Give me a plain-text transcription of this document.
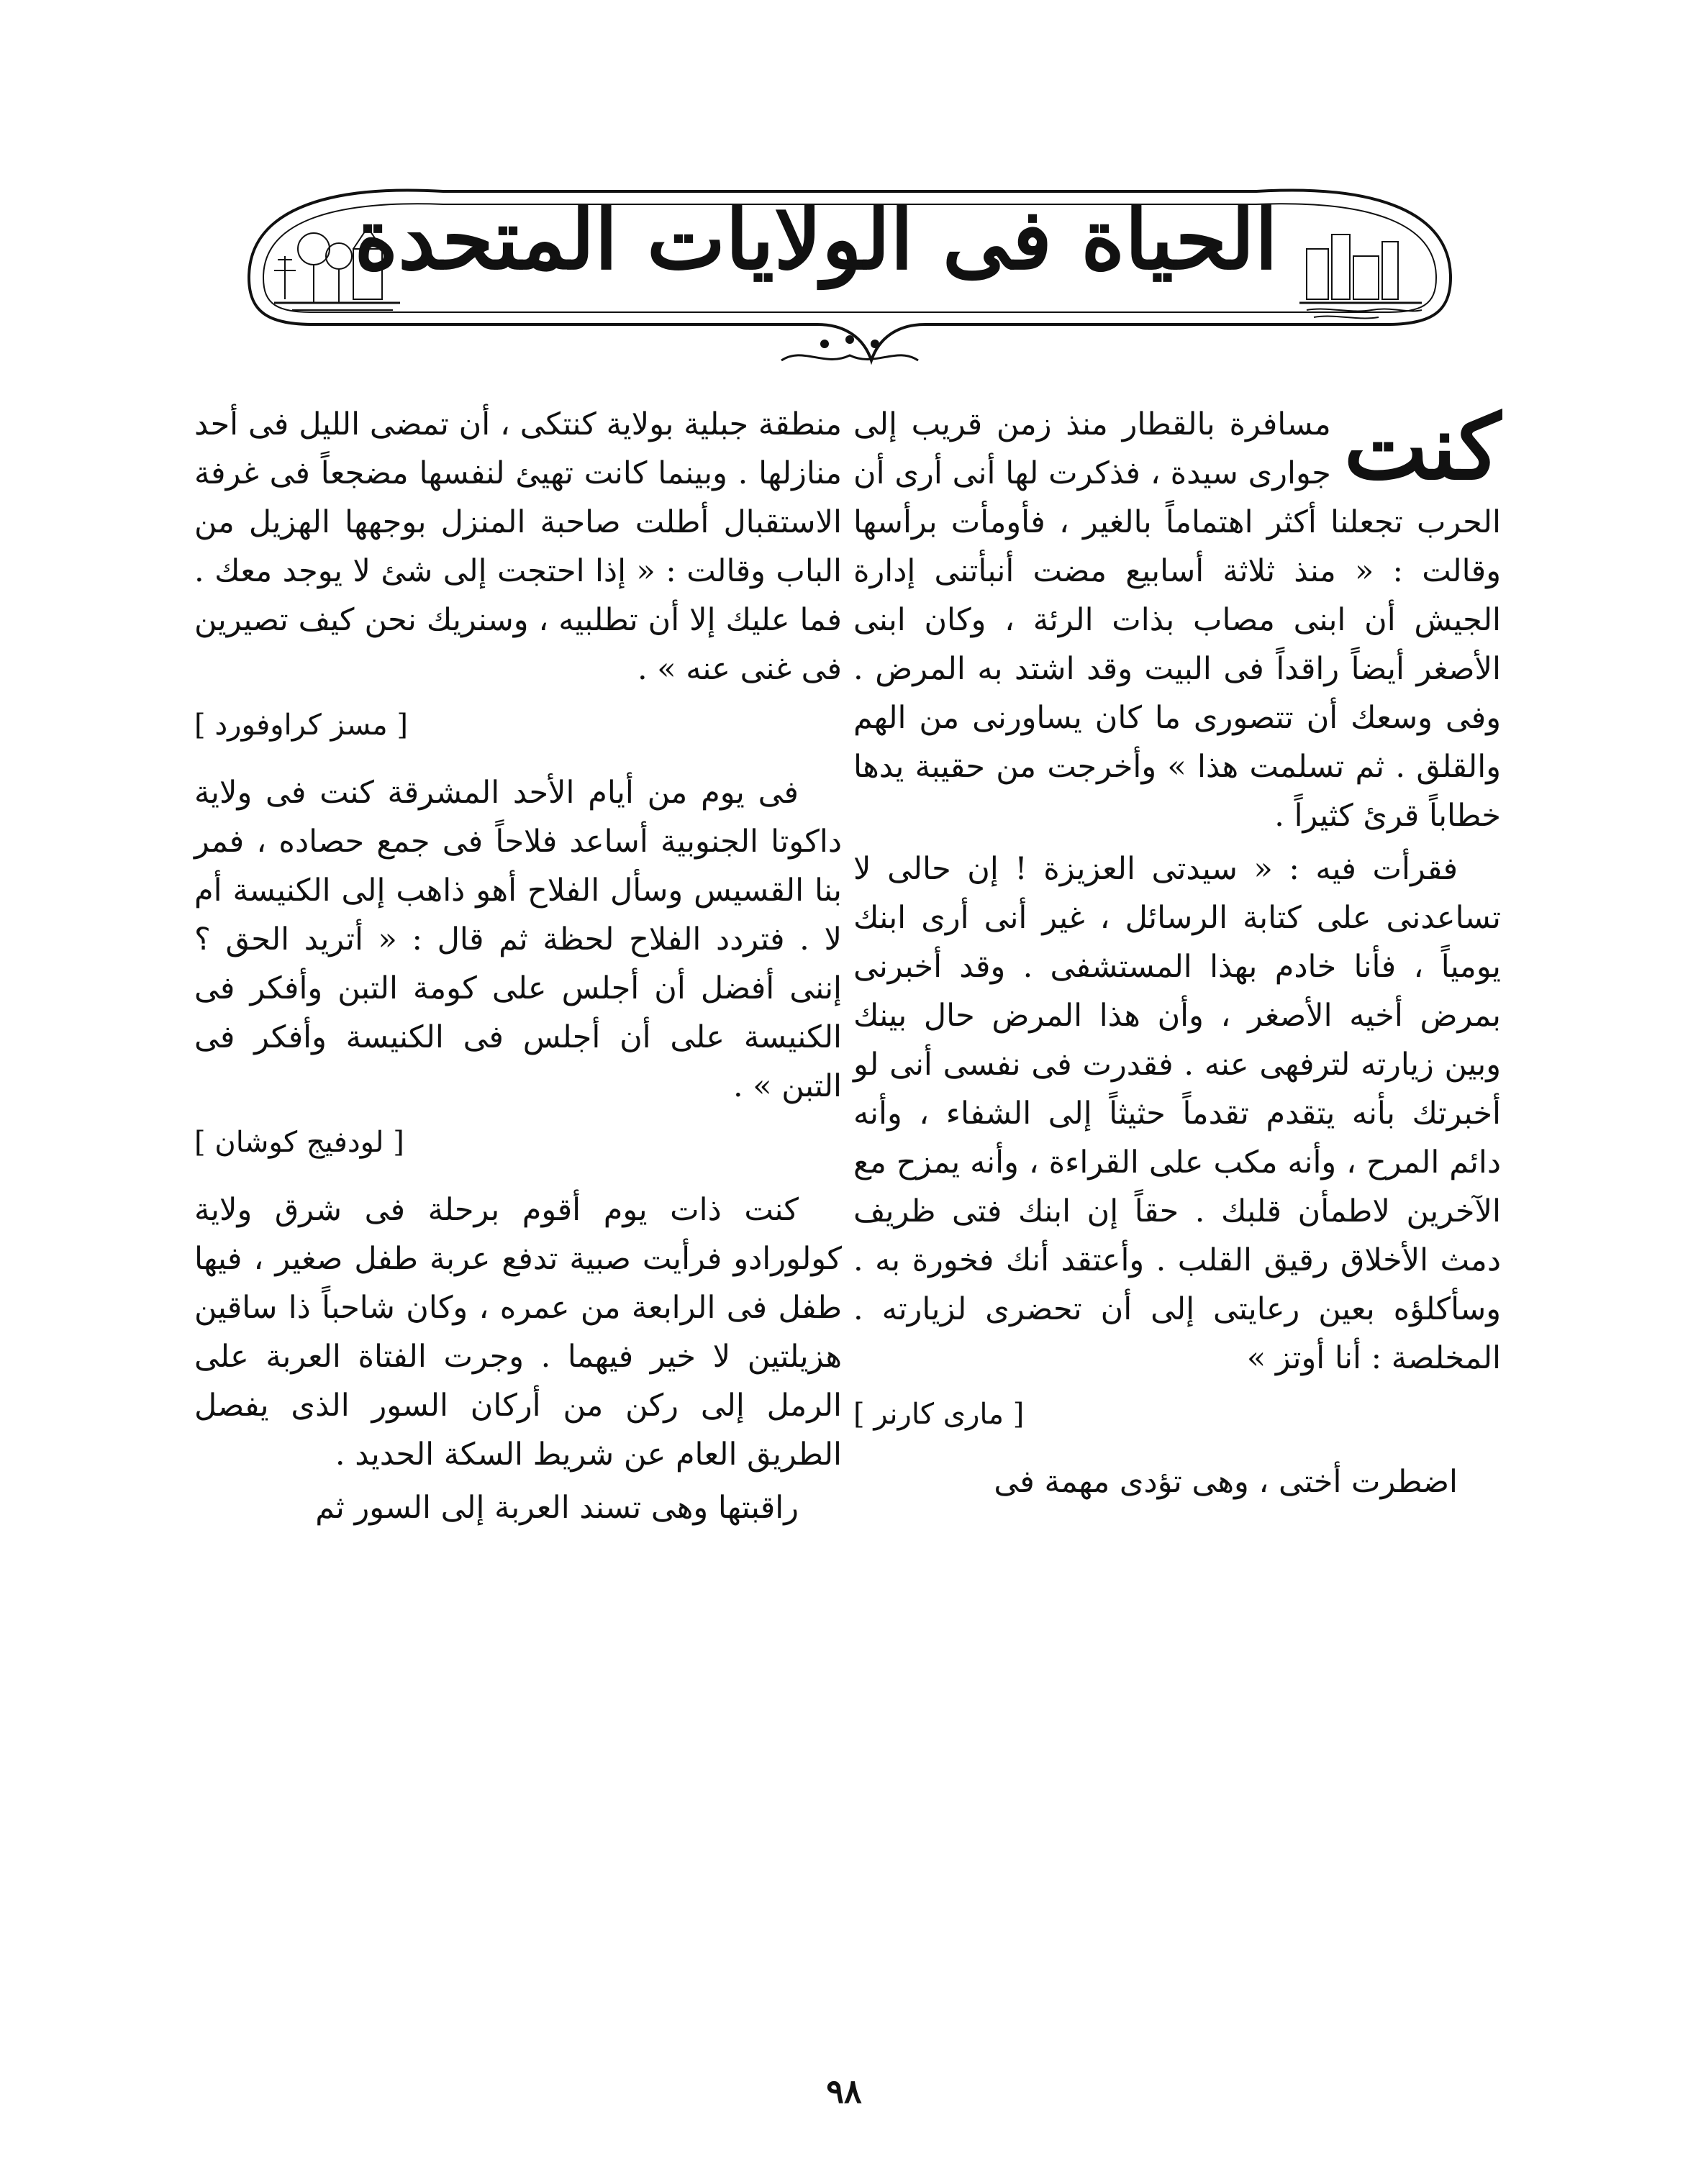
الحياة فى الولايات المتحدة

كنت
مسافرة بالقطار منذ زمن قريب إلى جوارى سيدة ، فذكرت لها أنى أرى أن الحرب تجعلنا أكثر اهتماماً بالغير ، فأومأت برأسها وقالت : « منذ ثلاثة أسابيع مضت أنبأتنى إدارة الجيش أن ابنى مصاب بذات الرئة ، وكان ابنى الأصغر أيضاً راقداً فى البيت وقد اشتد به المرض . وفى وسعك أن تتصورى ما كان يساورنى من الهم والقلق . ثم تسلمت هذا » وأخرجت من حقيبة يدها خطاباً قرئ كثيراً .

فقرأت فيه : « سيدتى العزيزة ! إن حالى لا تساعدنى على كتابة الرسائل ، غير أنى أرى ابنك يومياً ، فأنا خادم بهذا المستشفى . وقد أخبرنى بمرض أخيه الأصغر ، وأن هذا المرض حال بينك وبين زيارته لترفهى عنه . فقدرت فى نفسى أنى لو أخبرتك بأنه يتقدم تقدماً حثيثاً إلى الشفاء ، وأنه دائم المرح ، وأنه مكب على القراءة ، وأنه يمزح مع الآخرين لاطمأن قلبك . حقاً إن ابنك فتى ظريف دمث الأخلاق رقيق القلب . وأعتقد أنك فخورة به . وسأكلؤه بعين رعايتى إلى أن تحضرى لزيارته . المخلصة : أنا أوتز »

[ مارى كارنر ]

اضطرت أختى ، وهى تؤدى مهمة فى

منطقة جبلية بولاية كنتكى ، أن تمضى الليل فى أحد منازلها . وبينما كانت تهيئ لنفسها مضجعاً فى غرفة الاستقبال أطلت صاحبة المنزل بوجهها الهزيل من الباب وقالت : « إذا احتجت إلى شئ لا يوجد معك . فما عليك إلا أن تطلبيه ، وسنريك نحن كيف تصيرين فى غنى عنه » .

[ مسز كراوفورد ]

فى يوم من أيام الأحد المشرقة كنت فى ولاية داكوتا الجنوبية أساعد فلاحاً فى جمع حصاده ، فمر بنا القسيس وسأل الفلاح أهو ذاهب إلى الكنيسة أم لا . فتردد الفلاح لحظة ثم قال : « أتريد الحق ؟ إننى أفضل أن أجلس على كومة التبن وأفكر فى الكنيسة على أن أجلس فى الكنيسة وأفكر فى التبن » .

[ لودفيج كوشان ]

كنت ذات يوم أقوم برحلة فى شرق ولاية كولورادو فرأيت صبية تدفع عربة طفل صغير ، فيها طفل فى الرابعة من عمره ، وكان شاحباً ذا ساقين هزيلتين لا خير فيهما . وجرت الفتاة العربة على الرمل إلى ركن من أركان السور الذى يفصل الطريق العام عن شريط السكة الحديد .

راقبتها وهى تسند العربة إلى السور ثم

٩٨
